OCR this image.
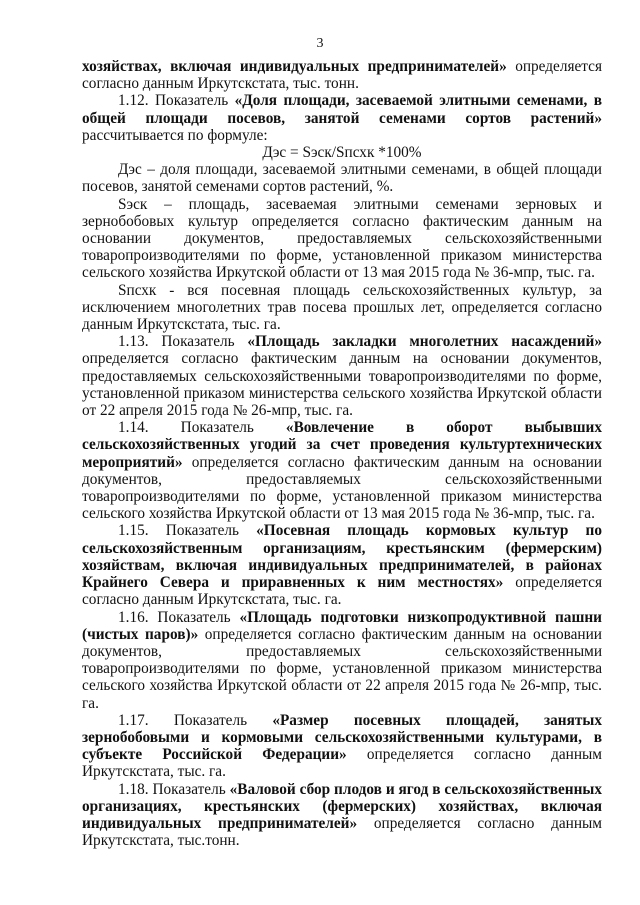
3

хозяйствах, включая индивидуальных предпринимателей» определяется согласно данным Иркутскстата, тыс. тонн.

1.12. Показатель «Доля площади, засеваемой элитными семенами, в общей площади посевов, занятой семенами сортов растений» рассчитывается по формуле:

Дэс = Sэск/Sпсхк *100%

Дэс – доля площади, засеваемой элитными семенами, в общей площади посевов, занятой семенами сортов растений, %.

Sэск – площадь, засеваемая элитными семенами зерновых и зернобобовых культур определяется согласно фактическим данным на основании документов, предоставляемых сельскохозяйственными товаропроизводителями по форме, установленной приказом министерства сельского хозяйства Иркутской области от 13 мая 2015 года № 36-мпр, тыс. га.

Sпсхк - вся посевная площадь сельскохозяйственных культур, за исключением многолетних трав посева прошлых лет, определяется согласно данным Иркутскстата, тыс. га.

1.13. Показатель «Площадь закладки многолетних насаждений» определяется согласно фактическим данным на основании документов, предоставляемых сельскохозяйственными товаропроизводителями по форме, установленной приказом министерства сельского хозяйства Иркутской области от 22 апреля 2015 года № 26-мпр, тыс. га.

1.14. Показатель «Вовлечение в оборот выбывших сельскохозяйственных угодий за счет проведения культуртехнических мероприятий» определяется согласно фактическим данным на основании документов, предоставляемых сельскохозяйственными товаропроизводителями по форме, установленной приказом министерства сельского хозяйства Иркутской области от 13 мая 2015 года № 36-мпр, тыс. га.

1.15. Показатель «Посевная площадь кормовых культур по сельскохозяйственным организациям, крестьянским (фермерским) хозяйствам, включая индивидуальных предпринимателей, в районах Крайнего Севера и приравненных к ним местностях» определяется согласно данным Иркутскстата, тыс. га.

1.16. Показатель «Площадь подготовки низкопродуктивной пашни (чистых паров)» определяется согласно фактическим данным на основании документов, предоставляемых сельскохозяйственными товаропроизводителями по форме, установленной приказом министерства сельского хозяйства Иркутской области от 22 апреля 2015 года № 26-мпр, тыс. га.

1.17. Показатель «Размер посевных площадей, занятых зернобобовыми и кормовыми сельскохозяйственными культурами, в субъекте Российской Федерации» определяется согласно данным Иркутскстата, тыс. га.

1.18. Показатель «Валовой сбор плодов и ягод в сельскохозяйственных организациях, крестьянских (фермерских) хозяйствах, включая индивидуальных предпринимателей» определяется согласно данным Иркутскстата, тыс.тонн.
